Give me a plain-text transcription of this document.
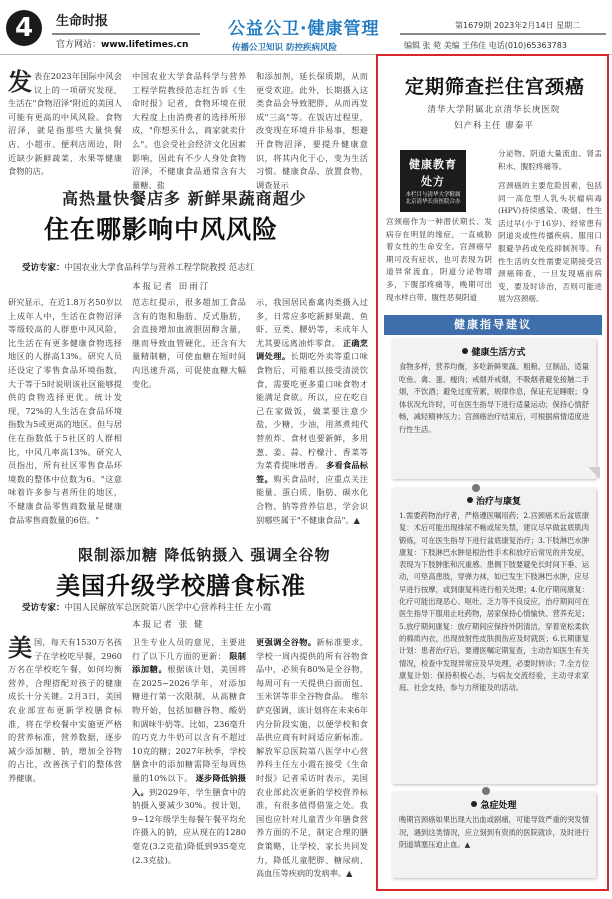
4	生命时报
官方网站：www.lifetimes.cn
公益公卫·健康管理
传播公卫知识 防控疾病风险
第1679期 2023年2月14日 星期二
编辑 张 菀 美编 王伟佳 电话(010)65363783
发表在2023年国际中风会议上的一项研究发现，生活在"食物沼泽"附近的美国人可能有更高的中风风险。食物沼泽，就是指那些大量快餐店、小超市、便利店周边，附近缺少新鲜蔬菜、水果等健康食物的店。
中国农业大学食品科学与营养工程学院教授范志红告诉《生命时报》记者，食物环境在很大程度上由消费者的选择所形成，"你想买什么，商家就卖什么"。也会受社会经济文化因素影响，因此有不少人身处食物沼泽，不健康食品通常含有大量糖、盐
和添加剂，延长保质期，从而更受欢迎。此外，长期摄入这类食品会导致肥胖，从而再发成"三高"等。在饭店过程里，改变现在环境并非易事，想避开食物沼泽，要提升健康意识，将其内化于心，变为生活习惯。健康食品、放置食物，调查显示
高热量快餐店多 新鲜果蔬商超少
住在哪影响中风风险
受访专家：中国农业大学食品科学与营养工程学院教授 范志红
本报记者 田雨汀
研究显示，在近1.8万名50岁以上成年人中，生活在食物沼泽等级较高的人群患中风风险，比生活在有更多健康食物选择地区的人群高13%。研究人员还设定了零售食品环境指数，大于等于5时说明该社区能够提供的食物选择更优。统计发现，72%的人生活在食品环境指数为5或更高的地区。但与居住在指数低于5社区的人群相比，中风几率高13%。研究人员指出，所有社区零售食品环境数的整体中位数为6。"这意味着许多参与者所住的地区，不健康食品零售商数量是健康食品零售商数量的6倍。"
范志红提示，很多超加工食品含有的饱和脂肪、反式脂肪，会直接增加血液胆固醇含量，继而导致血管硬化，还含有大量精制糖，可使血糖在短时间内迅速升高，可促使血糖大幅变化。
示，我国居民畜禽肉类摄入过多，日常应多吃新鲜果蔬、鱼虾、豆类、腰奶等，未成年人尤其要远离油炸零食。 正确烹调处理。长期吃外卖等重口味食物后，可能难以接受清淡饮食，需要吃更多重口味食物才能满足食欲。所以，应在吃自己在家做饭，做菜要注意少盐，少糖，少油，用蒸煮炖代替煎炸、食材也要新鲜，多用葱、姜、蒜、柠檬汁、香菜等为菜肴提味增香。 多看食品标签。购买食品时，应重点关注能量、蛋白质、脂肪、碳水化合物、钠等营养信息，学会识别哪些属于"不健康食品"。▲
限制添加糖 降低钠摄入 强调全谷物
美国升级学校膳食标准
受访专家：中国人民解放军总医院第八医学中心营养科主任 左小霞
本报记者 张 健
美国，每天有1530万名孩子在学校吃早餐，2960万名在学校吃午餐，如何均衡营养，合理搭配对孩子的健康成长十分关键。2月3日，美国农业部宣布更新学校膳食标准，将在学校餐中实施更严格的营养标准，营养数据，逐步减少添加糖、钠，增加全谷物的占比，改善孩子们的整体营养健康。
卫生专业人员的意见，主要进行了以下几方面的更新： 限制添加糖。根据该计划，美国将在2025~2026学年，对添加糖进行第一次限制，从高糖食物开始，包括加糖谷物、酸奶和调味牛奶等。比如，236毫升的巧克力牛奶可以含有不超过10克的糖；2027年秋季，学校膳食中的添加糖需降至每周热量的10%以下。 逐步降低钠摄入。到2029年，学生膳食中的钠摄入要减少30%。按计划，9~12年级学生每餐午餐平均允许摄入的钠，应从现在的1280毫克(3.2克盐)降低到935毫克(2.3克盐)。
更强调全谷物。新标准要求，学校一周内提供的所有谷物食品中，必须有80%是全谷物，每周可有一天提供白面面包、玉米饼等非全谷物食品。 维尔萨克强调，该计划将在未来6年内分阶段实施，以便学校和食品供应商有时间适应新标准。 解放军总医院第八医学中心营养科主任左小霞在接受《生命时报》记者采访时表示，美国农业部此次更新的学校营养标准，有很多值得借鉴之处。我国也应针对儿童青少年膳食营养方面的不足，制定合理的膳食策略，让学校、家长共同发力，降低儿童肥胖、糖尿病、高血压等疾病的发病率。▲
定期筛查拦住宫颈癌
清华大学附属北京清华长庚医院
妇产科主任 廖秦平
健康教育
处方
本栏目与清华大学附属北京清华长庚医院合办
宫颈癌作为一种潜伏期长、发病存在明显的缘症，一直威胁着女性的生命安全。宫颈癌早期可没有症状，也可表现为阴道异常流血，阴道分泌物增多，下腹部疼痛等，晚期可出现水样白带、腹性恶臭阴道
分泌物、阴道大量流血、肾盂积水、腹腔疼痛等。
宫颈癌的主要危险因素，包括同一高危型人乳头状瘤病毒(HPV)持续感染、吸烟、性生活过早(小于16岁)、经常患有阴道炎或性传播疾病、服用口服避孕药或免疫抑制剂等。有性生活的女性需要定期接受宫颈癌筛查，一旦发现癌前病变，要及时诊治，否则可能进展为宫颈癌。
健康指导建议
健康生活方式
食物多样，营养均衡，多吃新鲜果蔬、粗粮、豆制品，适量吃鱼、禽、蛋、瘦肉；戒烟并戒烟，不吸烟者避免接触二手烟，不饮酒；避免过度劳累，规律作息，保证充足睡眠；身体状况允许时，可在医生指导下进行适量运动；保持心情舒畅，减轻精神压力；宫颈癌治疗结束后，可根据病情适度进行性生活。
治疗与康复
1.需要药物治疗者，严格遵医嘱用药；2.宫颈癌术后盆底康复：术后可能出现排尿不畅或尿失禁，建议尽早做盆底肌肉锻炼，可在医生指导下进行盆底康复治疗；3.下肢淋巴水肿康复：下肢淋巴水肿是根治性手术和放疗后常见的并发症，表现为下肢肿胀和沉重感。患侧下肢要避免长时间下垂、运动，可垫高患肢，穿弹力袜，如已发生下肢淋巴水肿，应尽早进行按摩，或到康复科进行相关处理；4.化疗期间康复：化疗可能出现恶心、呕吐、乏力等不良反应，治疗期间可在医生指导下服用止吐药物，居家保持心情愉快、营养充足；5.放疗期间康复：放疗期间应保持外阴清洁，穿着宽松柔软的棉质内衣，出现放射性皮肤损伤应及时就医；6.长期康复计划：患者治疗后，要遵医嘱定期复查，主动告知医生有关情况，检查中发现异常应及早处理，必要时转诊；7.全方位康复计划：保持积极心态，与病友交流经验，主动寻求家庭、社会支持，参与力所能及的活动。
急症处理
晚期宫颈癌如果出现大出血或剧痛，可能导致严重的突发情况，遇到这类情况，应立刻到有资质的医院就诊，及时进行阴道填塞压迫止血。▲
